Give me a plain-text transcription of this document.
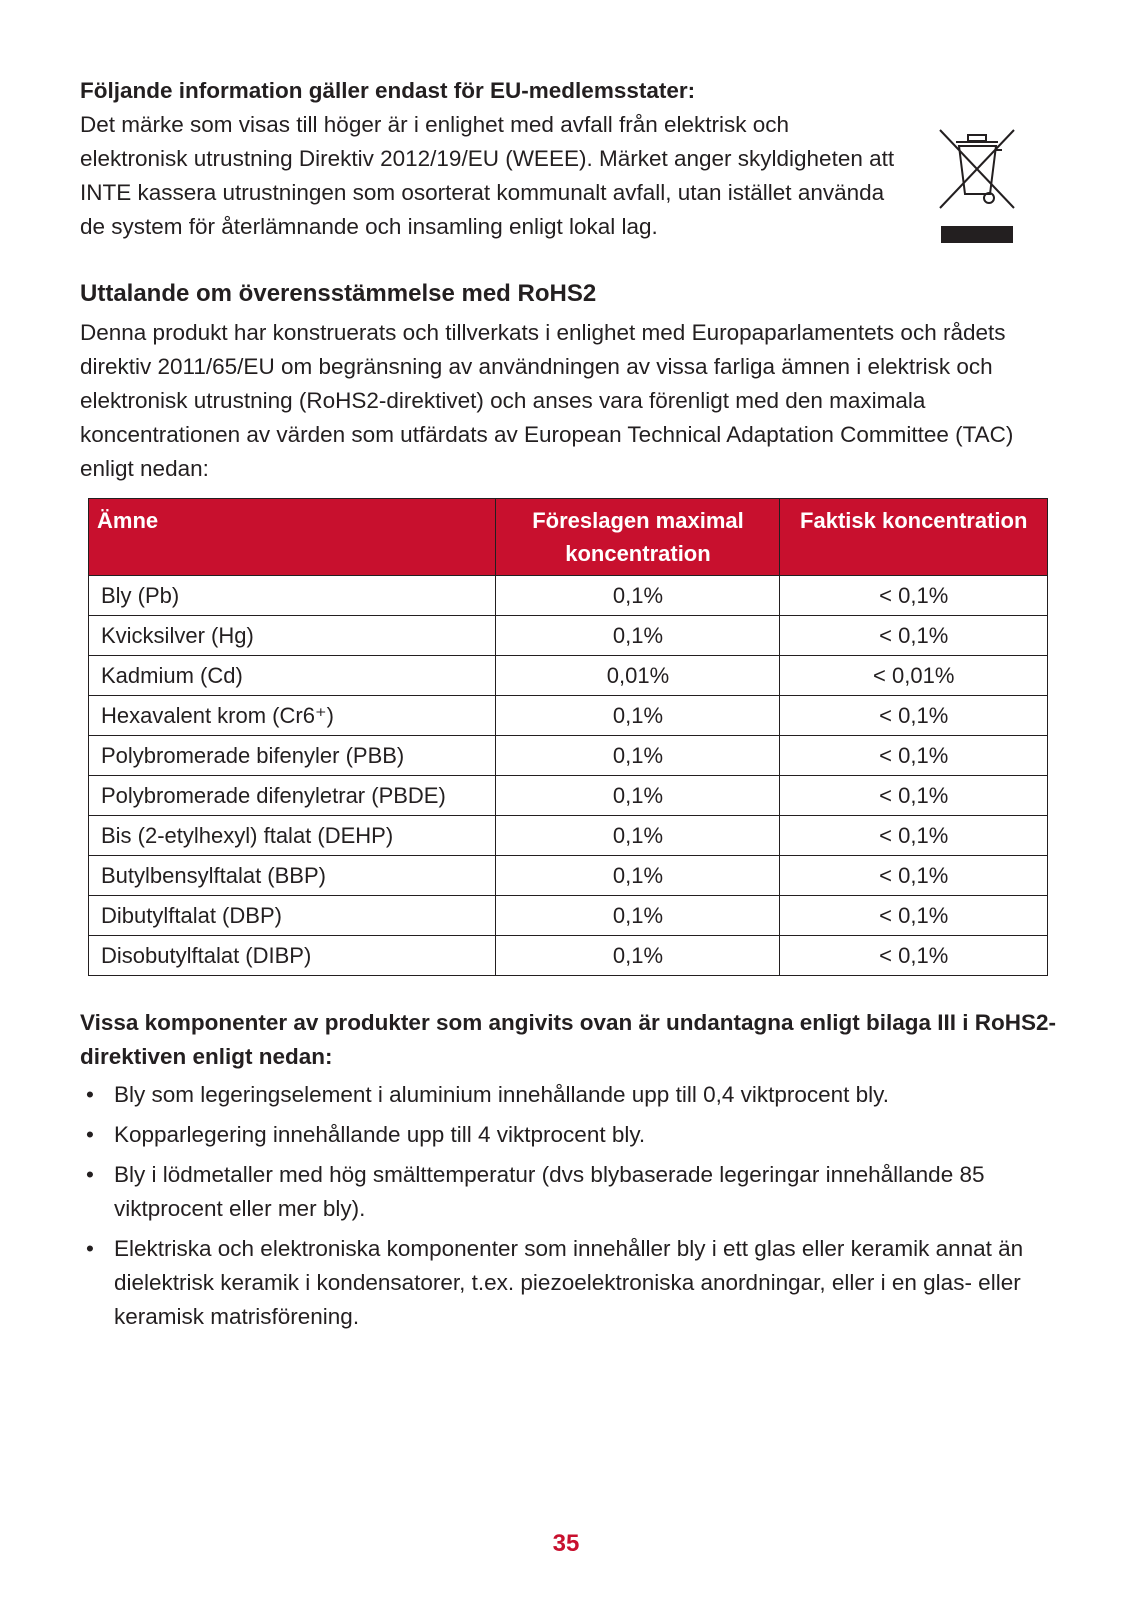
Följande information gäller endast för EU-medlemsstater:
Det märke som visas till höger är i enlighet med avfall från elektrisk och elektronisk utrustning Direktiv 2012/19/EU (WEEE). Märket anger skyldigheten att INTE kassera utrustningen som osorterat kommunalt avfall, utan istället använda de system för återlämnande och insamling enligt lokal lag.
Uttalande om överensstämmelse med RoHS2

Denna produkt har konstruerats och tillverkats i enlighet med Europaparlamentets och rådets direktiv 2011/65/EU om begränsning av användningen av vissa farliga ämnen i elektrisk och elektronisk utrustning (RoHS2-direktivet) och anses vara förenligt med den maximala koncentrationen av värden som utfärdats av European Technical Adaptation Committee (TAC) enligt nedan:

Ämne	Föreslagen maximal koncentration	Faktisk koncentration
Bly (Pb)	0,1%	< 0,1%
Kvicksilver (Hg)	0,1%	< 0,1%
Kadmium (Cd)	0,01%	< 0,01%
Hexavalent krom (Cr6⁺)	0,1%	< 0,1%
Polybromerade bifenyler (PBB)	0,1%	< 0,1%
Polybromerade difenyletrar (PBDE)	0,1%	< 0,1%
Bis (2-etylhexyl) ftalat (DEHP)	0,1%	< 0,1%
Butylbensylftalat (BBP)	0,1%	< 0,1%
Dibutylftalat (DBP)	0,1%	< 0,1%
Disobutylftalat (DIBP)	0,1%	< 0,1%
Vissa komponenter av produkter som angivits ovan är undantagna enligt bilaga III i RoHS2-direktiven enligt nedan:
• Bly som legeringselement i aluminium innehållande upp till 0,4 viktprocent bly.
• Kopparlegering innehållande upp till 4 viktprocent bly.
• Bly i lödmetaller med hög smälttemperatur (dvs blybaserade legeringar innehållande 85 viktprocent eller mer bly).
• Elektriska och elektroniska komponenter som innehåller bly i ett glas eller keramik annat än dielektrisk keramik i kondensatorer, t.ex. piezoelektroniska anordningar, eller i en glas- eller keramisk matrisförening.
35
